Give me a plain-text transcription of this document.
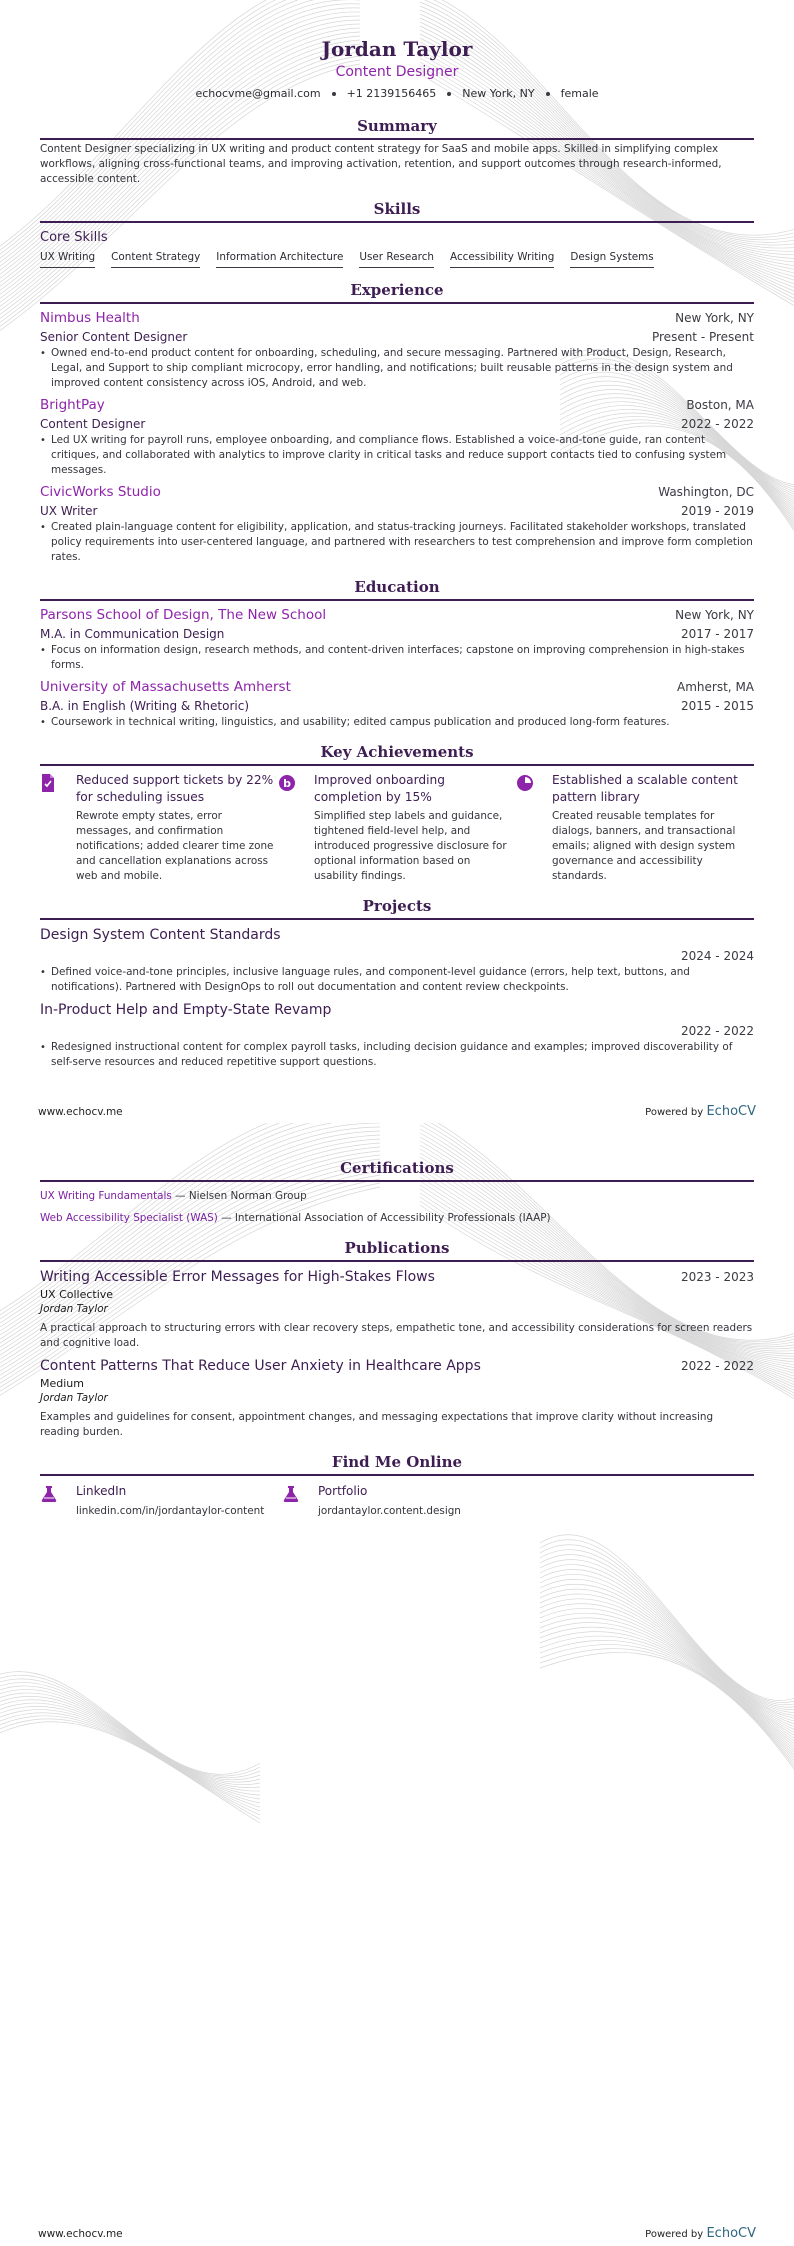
Jordan Taylor
Content Designer
echocvme@gmail.com +1 2139156465 New York, NY female
Summary
Content Designer specializing in UX writing and product content strategy for SaaS and mobile apps. Skilled in simplifying complex workflows, aligning cross-functional teams, and improving activation, retention, and support outcomes through research-informed, accessible content.
Skills
Core Skills
UX Writing Content Strategy Information Architecture User Research Accessibility Writing Design Systems
Experience
Nimbus Health	New York, NY
Senior Content Designer	Present - Present
• Owned end-to-end product content for onboarding, scheduling, and secure messaging. Partnered with Product, Design, Research, Legal, and Support to ship compliant microcopy, error handling, and notifications; built reusable patterns in the design system and improved content consistency across iOS, Android, and web.
BrightPay	Boston, MA
Content Designer	2022 - 2022
• Led UX writing for payroll runs, employee onboarding, and compliance flows. Established a voice-and-tone guide, ran content critiques, and collaborated with analytics to improve clarity in critical tasks and reduce support contacts tied to confusing system messages.
CivicWorks Studio	Washington, DC
UX Writer	2019 - 2019
• Created plain-language content for eligibility, application, and status-tracking journeys. Facilitated stakeholder workshops, translated policy requirements into user-centered language, and partnered with researchers to test comprehension and improve form completion rates.
Education
Parsons School of Design, The New School	New York, NY
M.A. in Communication Design	2017 - 2017
• Focus on information design, research methods, and content-driven interfaces; capstone on improving comprehension in high-stakes forms.
University of Massachusetts Amherst	Amherst, MA
B.A. in English (Writing & Rhetoric)	2015 - 2015
• Coursework in technical writing, linguistics, and usability; edited campus publication and produced long-form features.
Key Achievements
Reduced support tickets by 22% for scheduling issues
Rewrote empty states, error messages, and confirmation notifications; added clearer time zone and cancellation explanations across web and mobile.
b Improved onboarding completion by 15%
Simplified step labels and guidance, tightened field-level help, and introduced progressive disclosure for optional information based on usability findings.
Established a scalable content pattern library
Created reusable templates for dialogs, banners, and transactional emails; aligned with design system governance and accessibility standards.
Projects
Design System Content Standards
2024 - 2024
• Defined voice-and-tone principles, inclusive language rules, and component-level guidance (errors, help text, buttons, and notifications). Partnered with DesignOps to roll out documentation and content review checkpoints.
In-Product Help and Empty-State Revamp
2022 - 2022
• Redesigned instructional content for complex payroll tasks, including decision guidance and examples; improved discoverability of self-serve resources and reduced repetitive support questions.
www.echocv.me	Powered by EchoCV
Certifications
UX Writing Fundamentals — Nielsen Norman Group
Web Accessibility Specialist (WAS) — International Association of Accessibility Professionals (IAAP)
Publications
Writing Accessible Error Messages for High-Stakes Flows	2023 - 2023
UX Collective
Jordan Taylor
A practical approach to structuring errors with clear recovery steps, empathetic tone, and accessibility considerations for screen readers and cognitive load.
Content Patterns That Reduce User Anxiety in Healthcare Apps	2022 - 2022
Medium
Jordan Taylor
Examples and guidelines for consent, appointment changes, and messaging expectations that improve clarity without increasing reading burden.
Find Me Online
LinkedIn
linkedin.com/in/jordantaylor-content
Portfolio
jordantaylor.content.design
www.echocv.me	Powered by EchoCV
